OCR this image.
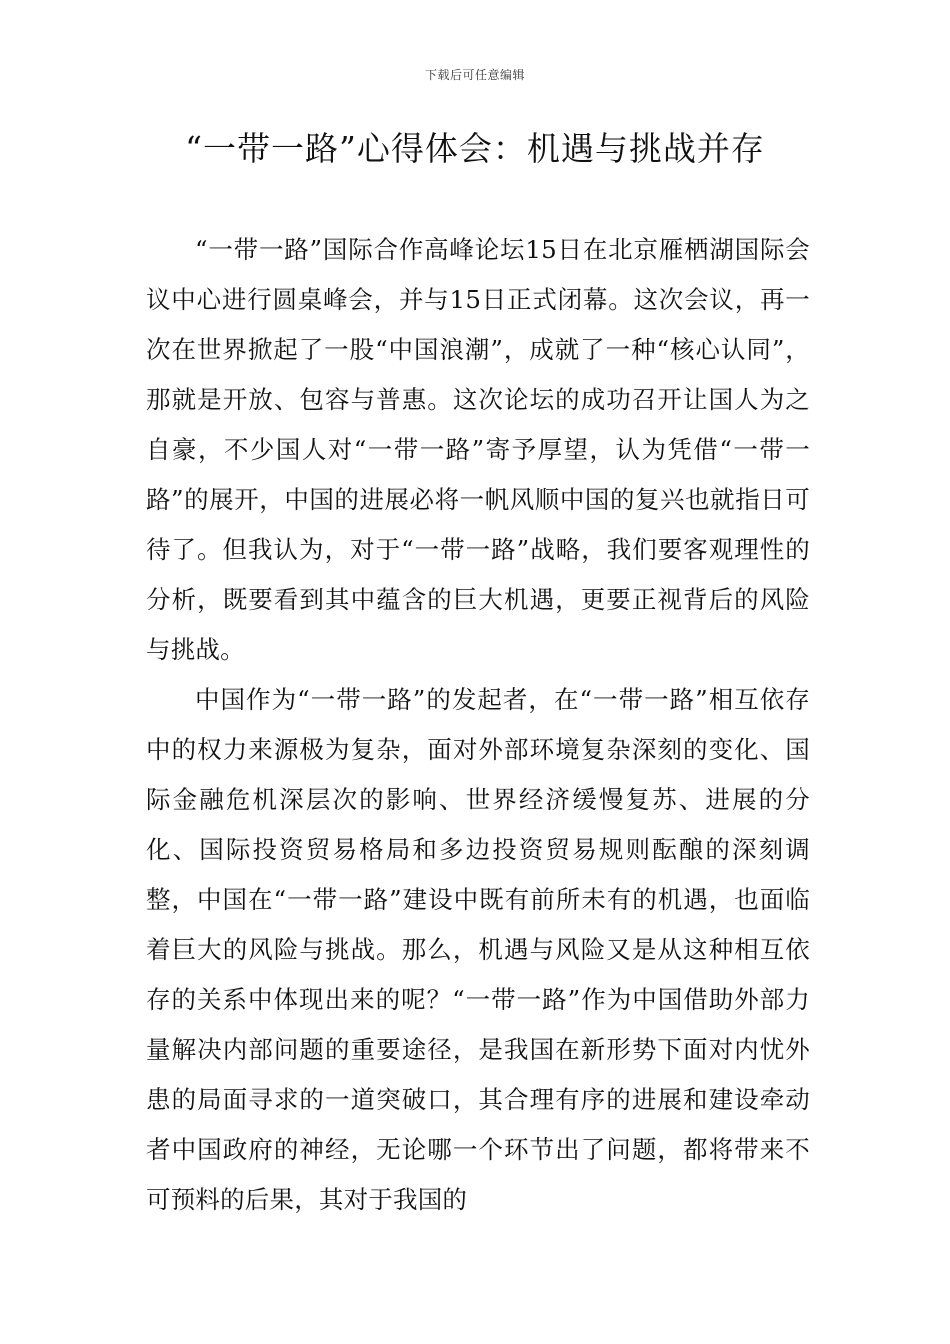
下载后可任意编辑
“一带一路”心得体会：机遇与挑战并存

“一带一路”国际合作高峰论坛15日在北京雁栖湖国际会议中心进行圆桌峰会，并与15日正式闭幕。这次会议，再一次在世界掀起了一股“中国浪潮”，成就了一种“核心认同”，那就是开放、包容与普惠。这次论坛的成功召开让国人为之自豪，不少国人对“一带一路”寄予厚望，认为凭借“一带一路”的展开，中国的进展必将一帆风顺中国的复兴也就指日可待了。但我认为，对于“一带一路”战略，我们要客观理性的分析，既要看到其中蕴含的巨大机遇，更要正视背后的风险与挑战。

中国作为“一带一路”的发起者，在“一带一路”相互依存中的权力来源极为复杂，面对外部环境复杂深刻的变化、国际金融危机深层次的影响、世界经济缓慢复苏、进展的分化、国际投资贸易格局和多边投资贸易规则酝酿的深刻调整，中国在“一带一路”建设中既有前所未有的机遇，也面临着巨大的风险与挑战。那么，机遇与风险又是从这种相互依存的关系中体现出来的呢？“一带一路”作为中国借助外部力量解决内部问题的重要途径，是我国在新形势下面对内忧外患的局面寻求的一道突破口，其合理有序的进展和建设牵动者中国政府的神经，无论哪一个环节出了问题，都将带来不可预料的后果，其对于我国的
